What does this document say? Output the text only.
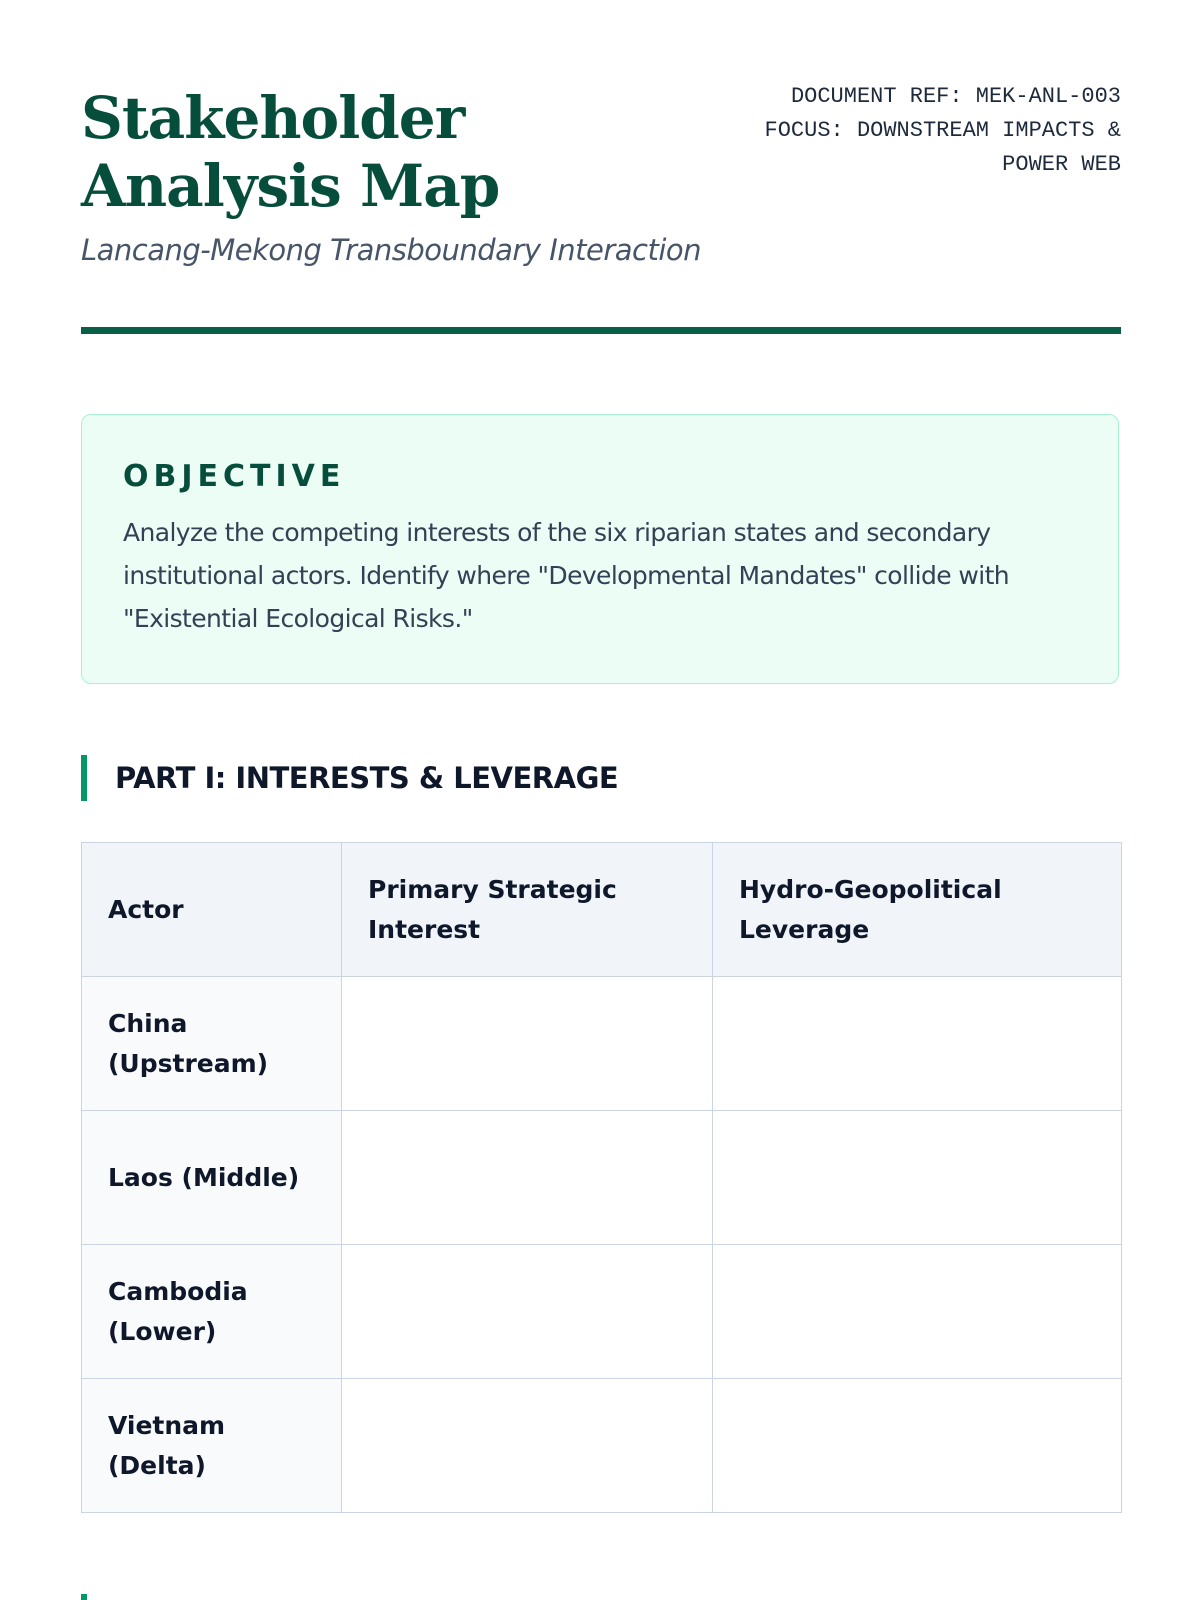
Stakeholder Analysis Map

Lancang-Mekong Transboundary Interaction

DOCUMENT REF: MEK-ANL-003
FOCUS: DOWNSTREAM IMPACTS &
POWER WEB
OBJECTIVE

Analyze the competing interests of the six riparian states and secondary institutional actors. Identify where "Developmental Mandates" collide with "Existential Ecological Risks."

PART I: INTERESTS & LEVERAGE
Actor	Primary Strategic Interest	Hydro-Geopolitical Leverage
China (Upstream)		
Laos (Middle)		
Cambodia (Lower)		
Vietnam (Delta)		
